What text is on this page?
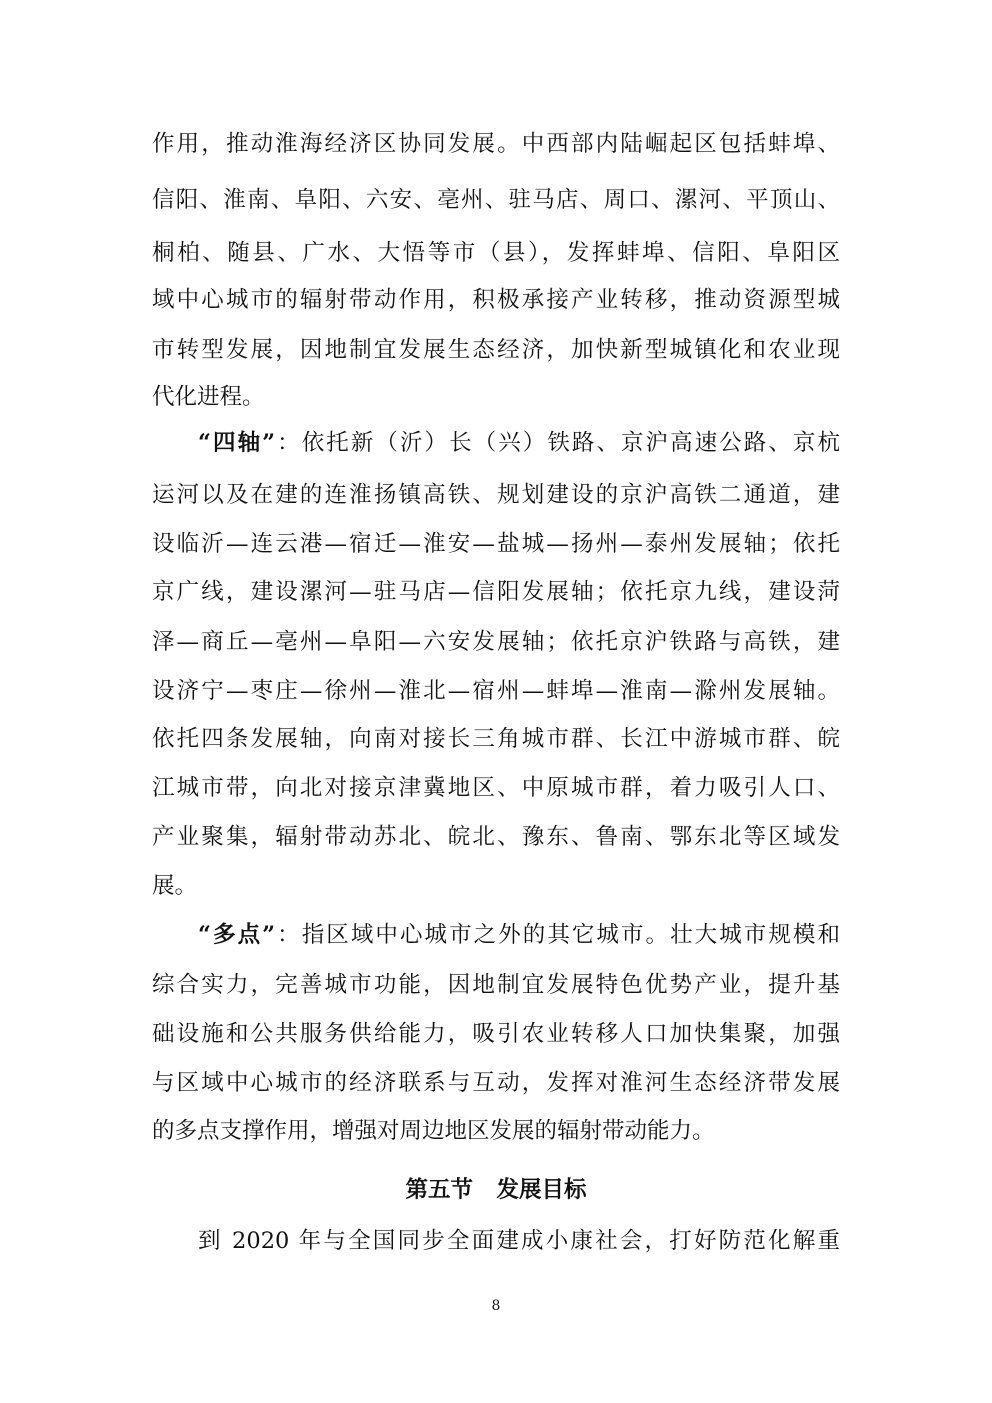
作用，推动淮海经济区协同发展。中西部内陆崛起区包括蚌埠、
信阳、淮南、阜阳、六安、亳州、驻马店、周口、漯河、平顶山、
桐柏、随县、广水、大悟等市（县），发挥蚌埠、信阳、阜阳区
域中心城市的辐射带动作用，积极承接产业转移，推动资源型城
市转型发展，因地制宜发展生态经济，加快新型城镇化和农业现
代化进程。
“四轴”：依托新（沂）长（兴）铁路、京沪高速公路、京杭
运河以及在建的连淮扬镇高铁、规划建设的京沪高铁二通道，建
设临沂—连云港—宿迁—淮安—盐城—扬州—泰州发展轴；依托
京广线，建设漯河—驻马店—信阳发展轴；依托京九线，建设菏
泽—商丘—亳州—阜阳—六安发展轴；依托京沪铁路与高铁，建
设济宁—枣庄—徐州—淮北—宿州—蚌埠—淮南—滁州发展轴。
依托四条发展轴，向南对接长三角城市群、长江中游城市群、皖
江城市带，向北对接京津冀地区、中原城市群，着力吸引人口、
产业聚集，辐射带动苏北、皖北、豫东、鲁南、鄂东北等区域发
展。
“多点”：指区域中心城市之外的其它城市。壮大城市规模和
综合实力，完善城市功能，因地制宜发展特色优势产业，提升基
础设施和公共服务供给能力，吸引农业转移人口加快集聚，加强
与区域中心城市的经济联系与互动，发挥对淮河生态经济带发展
的多点支撑作用，增强对周边地区发展的辐射带动能力。
第五节   发展目标
到 2020 年与全国同步全面建成小康社会，打好防范化解重
8
